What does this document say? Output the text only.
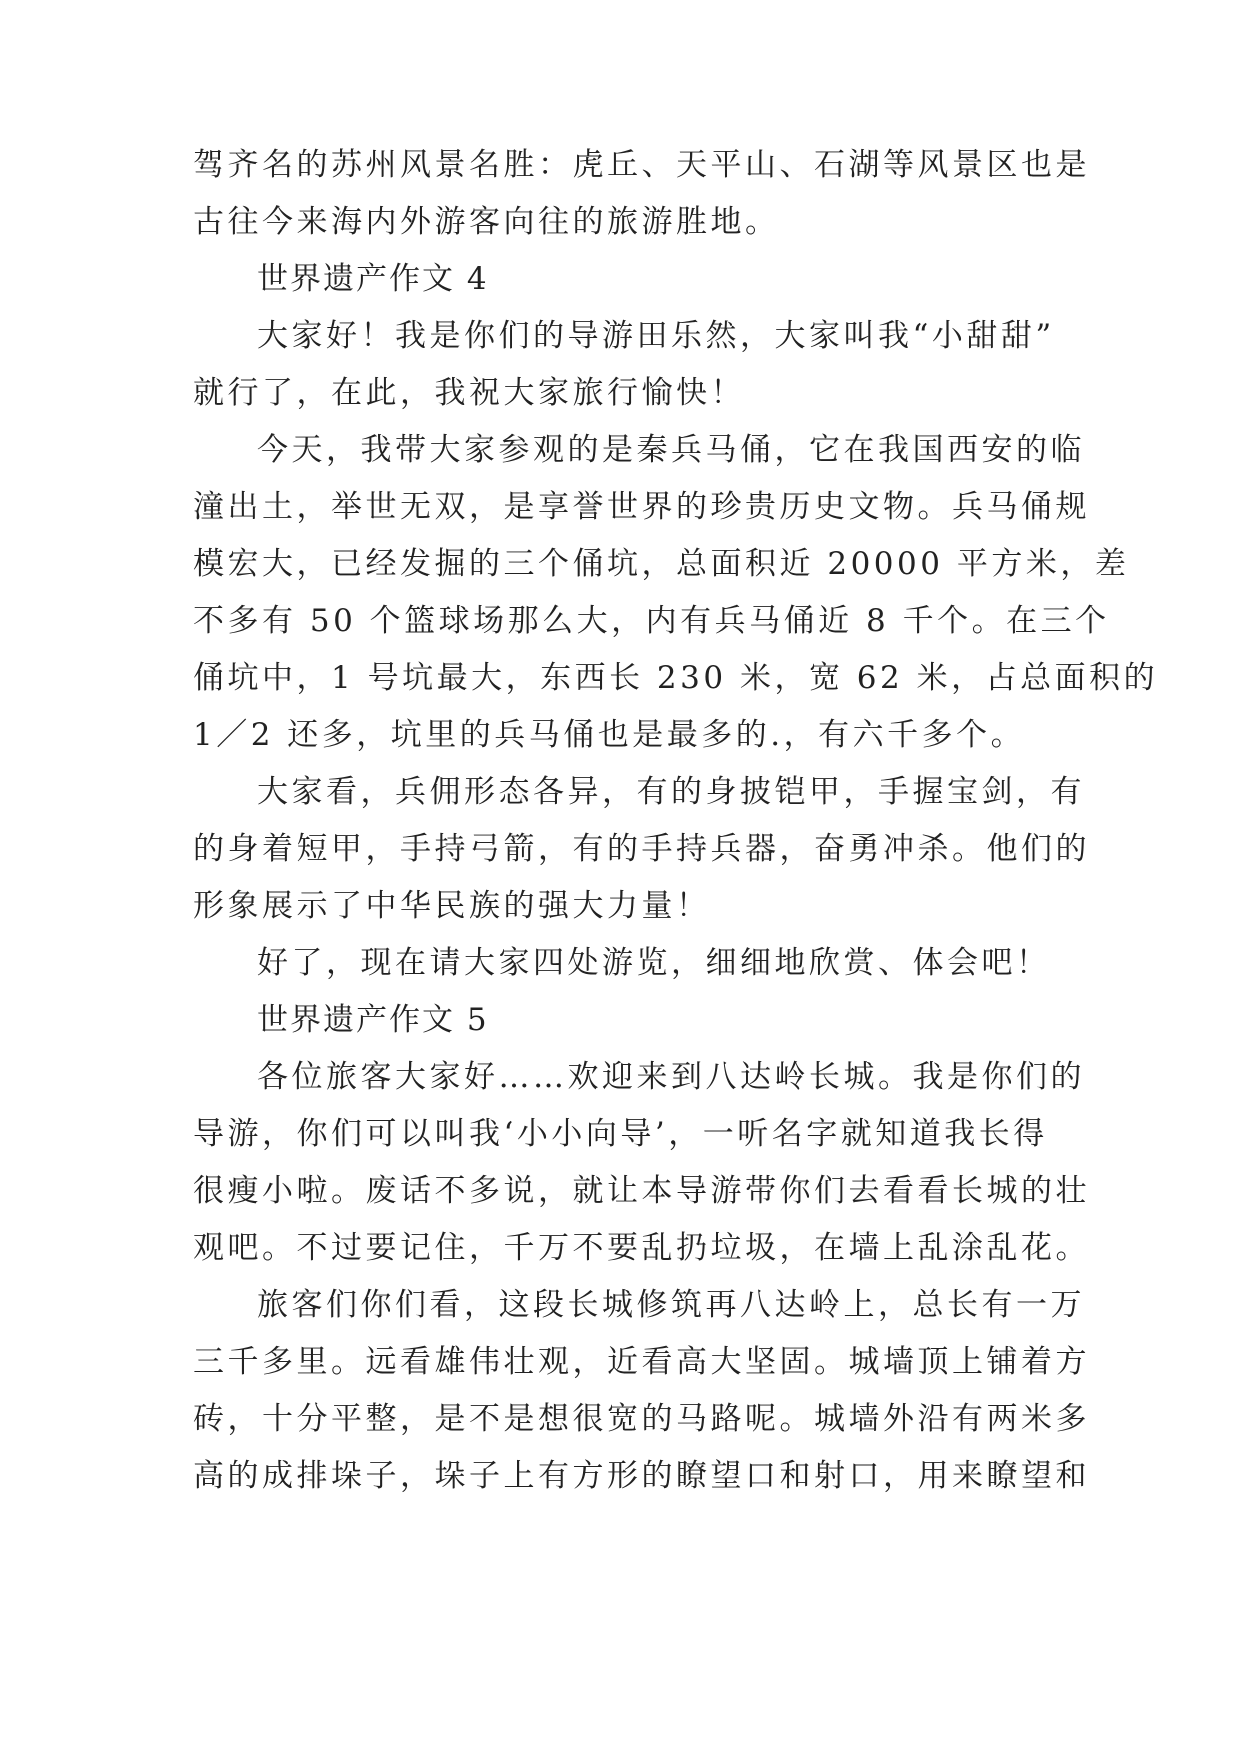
驾齐名的苏州风景名胜：虎丘、天平山、石湖等风景区也是
古往今来海内外游客向往的旅游胜地。
世界遗产作文 4
大家好！我是你们的导游田乐然，大家叫我“小甜甜”
就行了，在此，我祝大家旅行愉快！
今天，我带大家参观的是秦兵马俑，它在我国西安的临
潼出土，举世无双，是享誉世界的珍贵历史文物。兵马俑规
模宏大，已经发掘的三个俑坑，总面积近 20000 平方米，差
不多有 50 个篮球场那么大，内有兵马俑近 8 千个。在三个
俑坑中，1 号坑最大，东西长 230 米，宽 62 米，占总面积的
1／2 还多，坑里的兵马俑也是最多的.，有六千多个。
大家看，兵佣形态各异，有的身披铠甲，手握宝剑，有
的身着短甲，手持弓箭，有的手持兵器，奋勇冲杀。他们的
形象展示了中华民族的强大力量！
好了，现在请大家四处游览，细细地欣赏、体会吧！
世界遗产作文 5
各位旅客大家好……欢迎来到八达岭长城。我是你们的
导游，你们可以叫我‘小小向导’，一听名字就知道我长得
很瘦小啦。废话不多说，就让本导游带你们去看看长城的壮
观吧。不过要记住，千万不要乱扔垃圾，在墙上乱涂乱花。
旅客们你们看，这段长城修筑再八达岭上，总长有一万
三千多里。远看雄伟壮观，近看高大坚固。城墙顶上铺着方
砖，十分平整，是不是想很宽的马路呢。城墙外沿有两米多
高的成排垛子，垛子上有方形的瞭望口和射口，用来瞭望和
